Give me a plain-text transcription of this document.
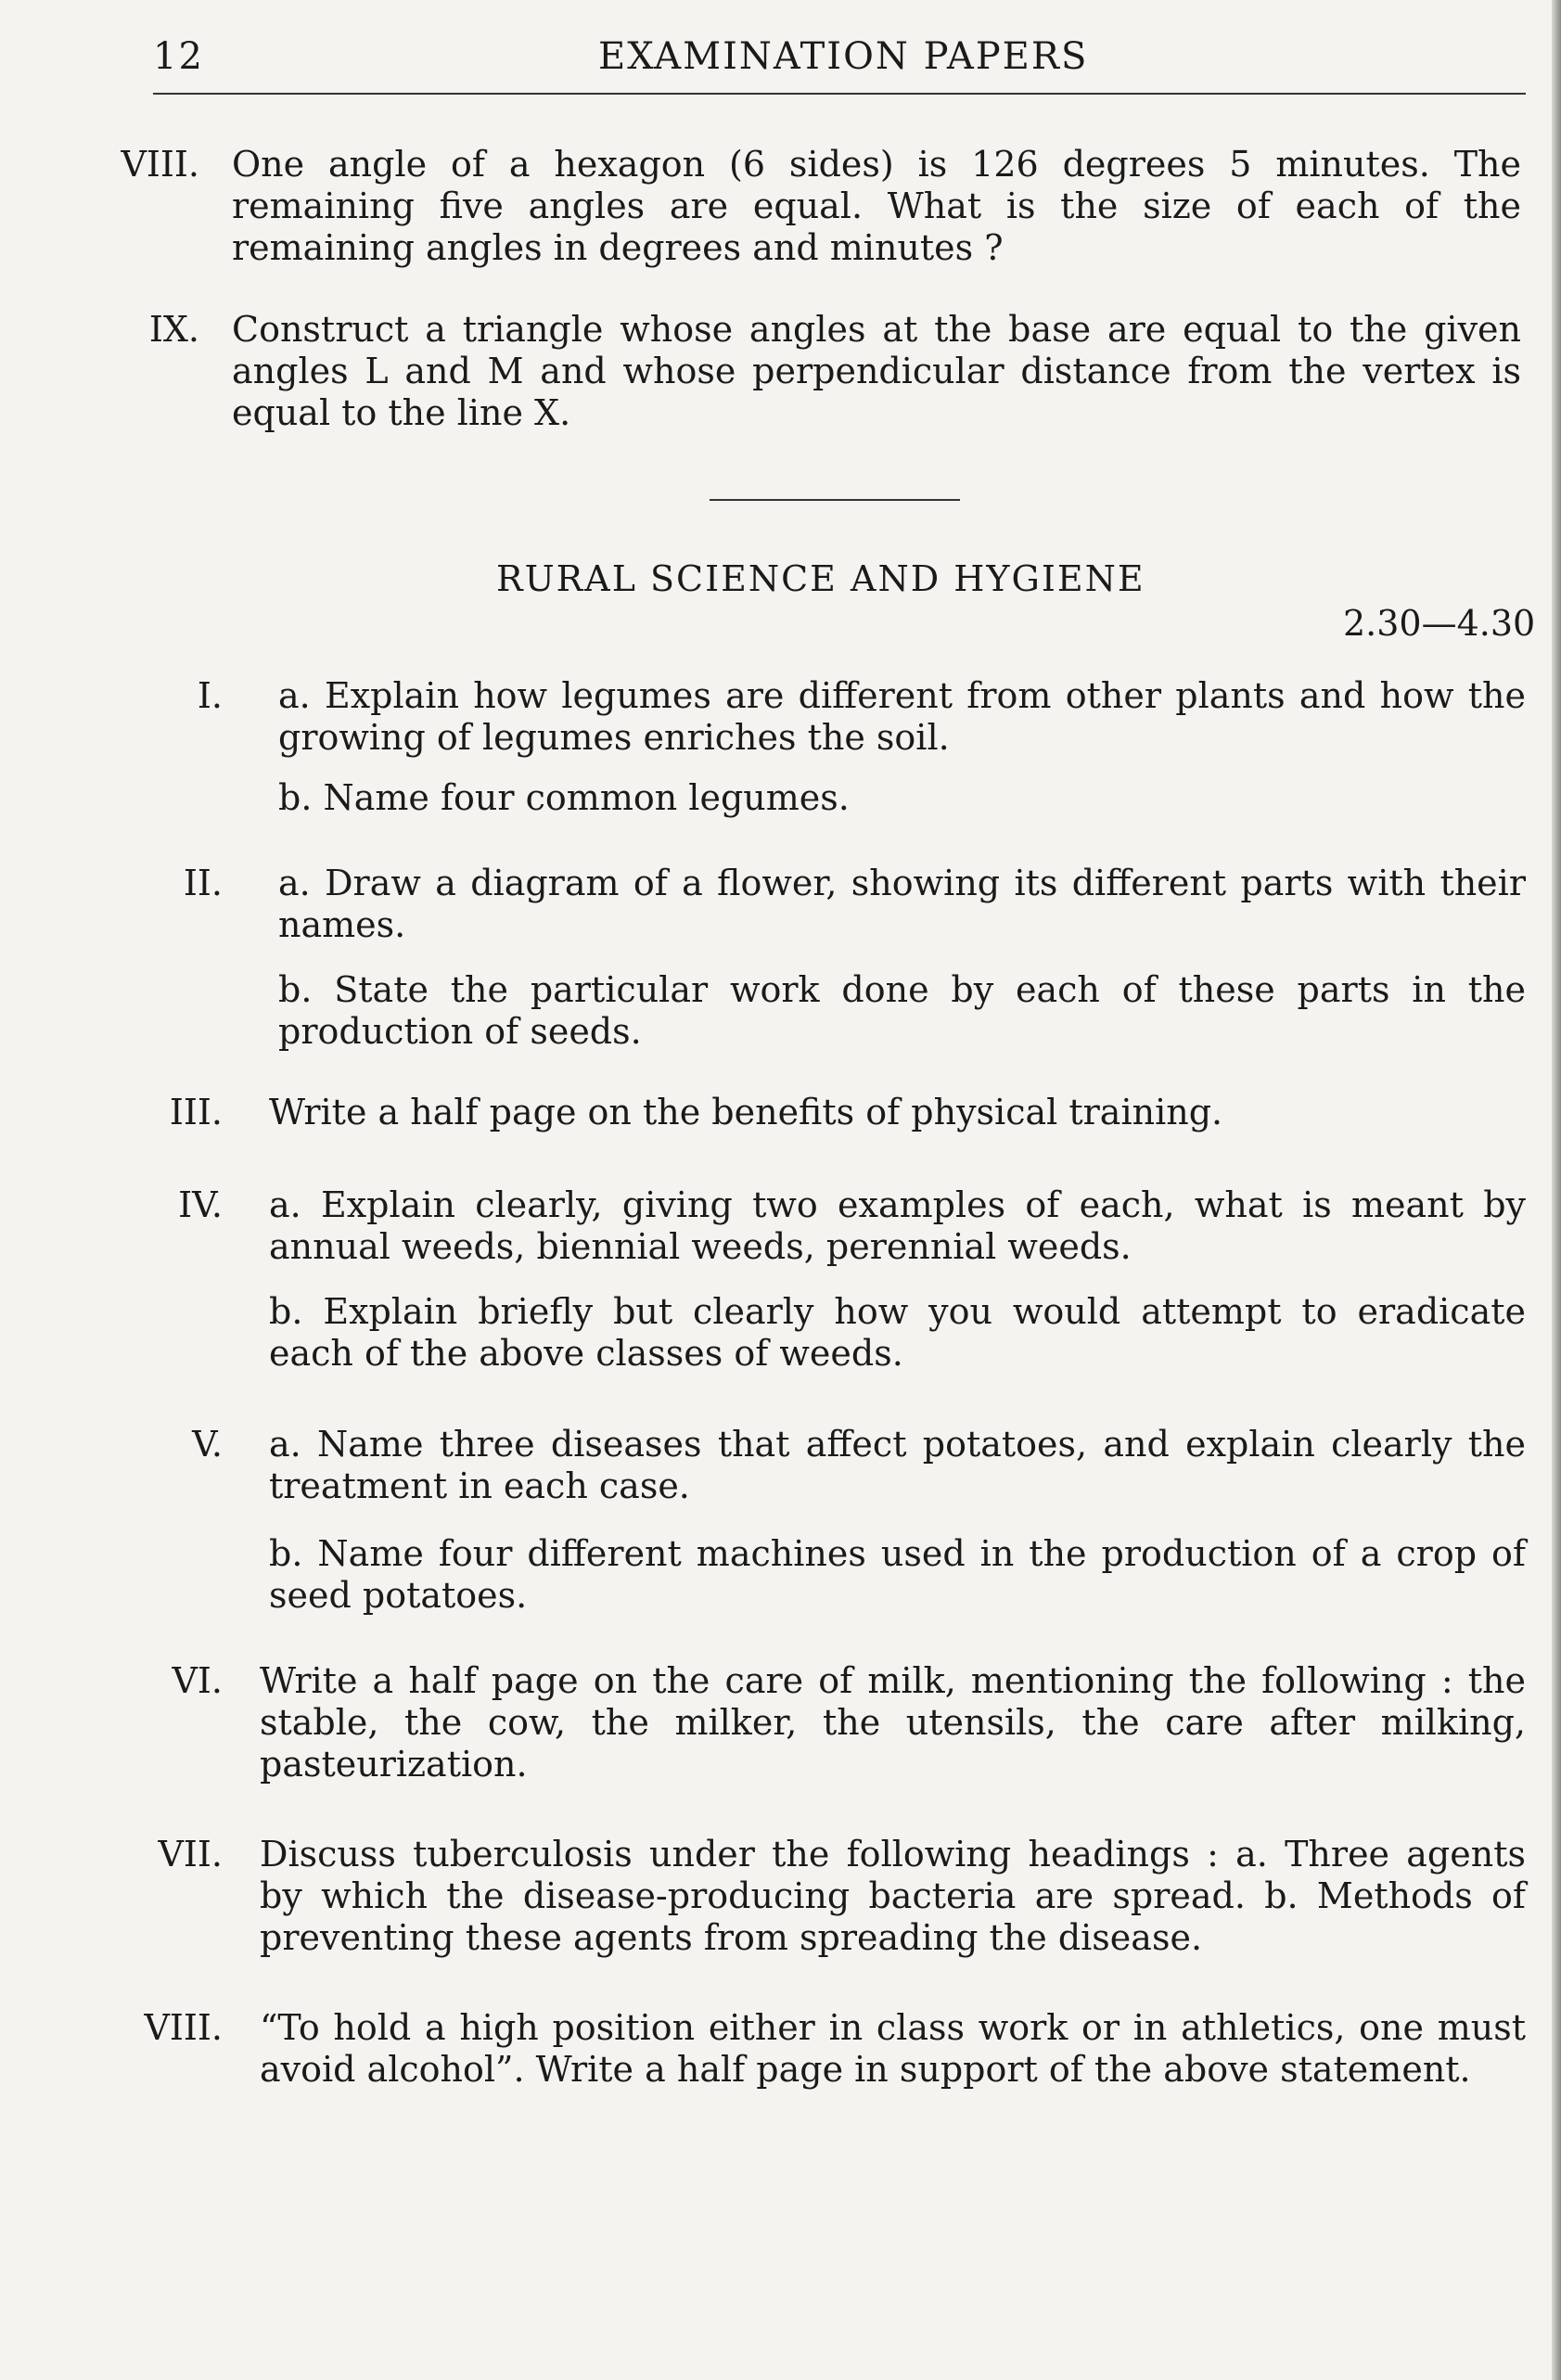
12	EXAMINATION PAPERS
VIII. One angle of a hexagon (6 sides) is 126 degrees 5 minutes. The remaining five angles are equal. What is the size of each of the remaining angles in degrees and minutes ?
IX. Construct a triangle whose angles at the base are equal to the given angles L and M and whose perpendicular distance from the vertex is equal to the line X.
RURAL SCIENCE AND HYGIENE
2.30—4.30
I. a. Explain how legumes are different from other plants and how the growing of legumes enriches the soil.
b. Name four common legumes.
II. a. Draw a diagram of a flower, showing its different parts with their names.
b. State the particular work done by each of these parts in the production of seeds.
III. Write a half page on the benefits of physical training.
IV. a. Explain clearly, giving two examples of each, what is meant by annual weeds, biennial weeds, perennial weeds.
b. Explain briefly but clearly how you would attempt to eradicate each of the above classes of weeds.
V. a. Name three diseases that affect potatoes, and explain clearly the treatment in each case.
b. Name four different machines used in the production of a crop of seed potatoes.
VI. Write a half page on the care of milk, mentioning the following : the stable, the cow, the milker, the utensils, the care after milking, pasteurization.
VII. Discuss tuberculosis under the following headings : a. Three agents by which the disease-producing bacteria are spread. b. Methods of preventing these agents from spreading the disease.
VIII. “To hold a high position either in class work or in athletics, one must avoid alcohol”. Write a half page in support of the above statement.
